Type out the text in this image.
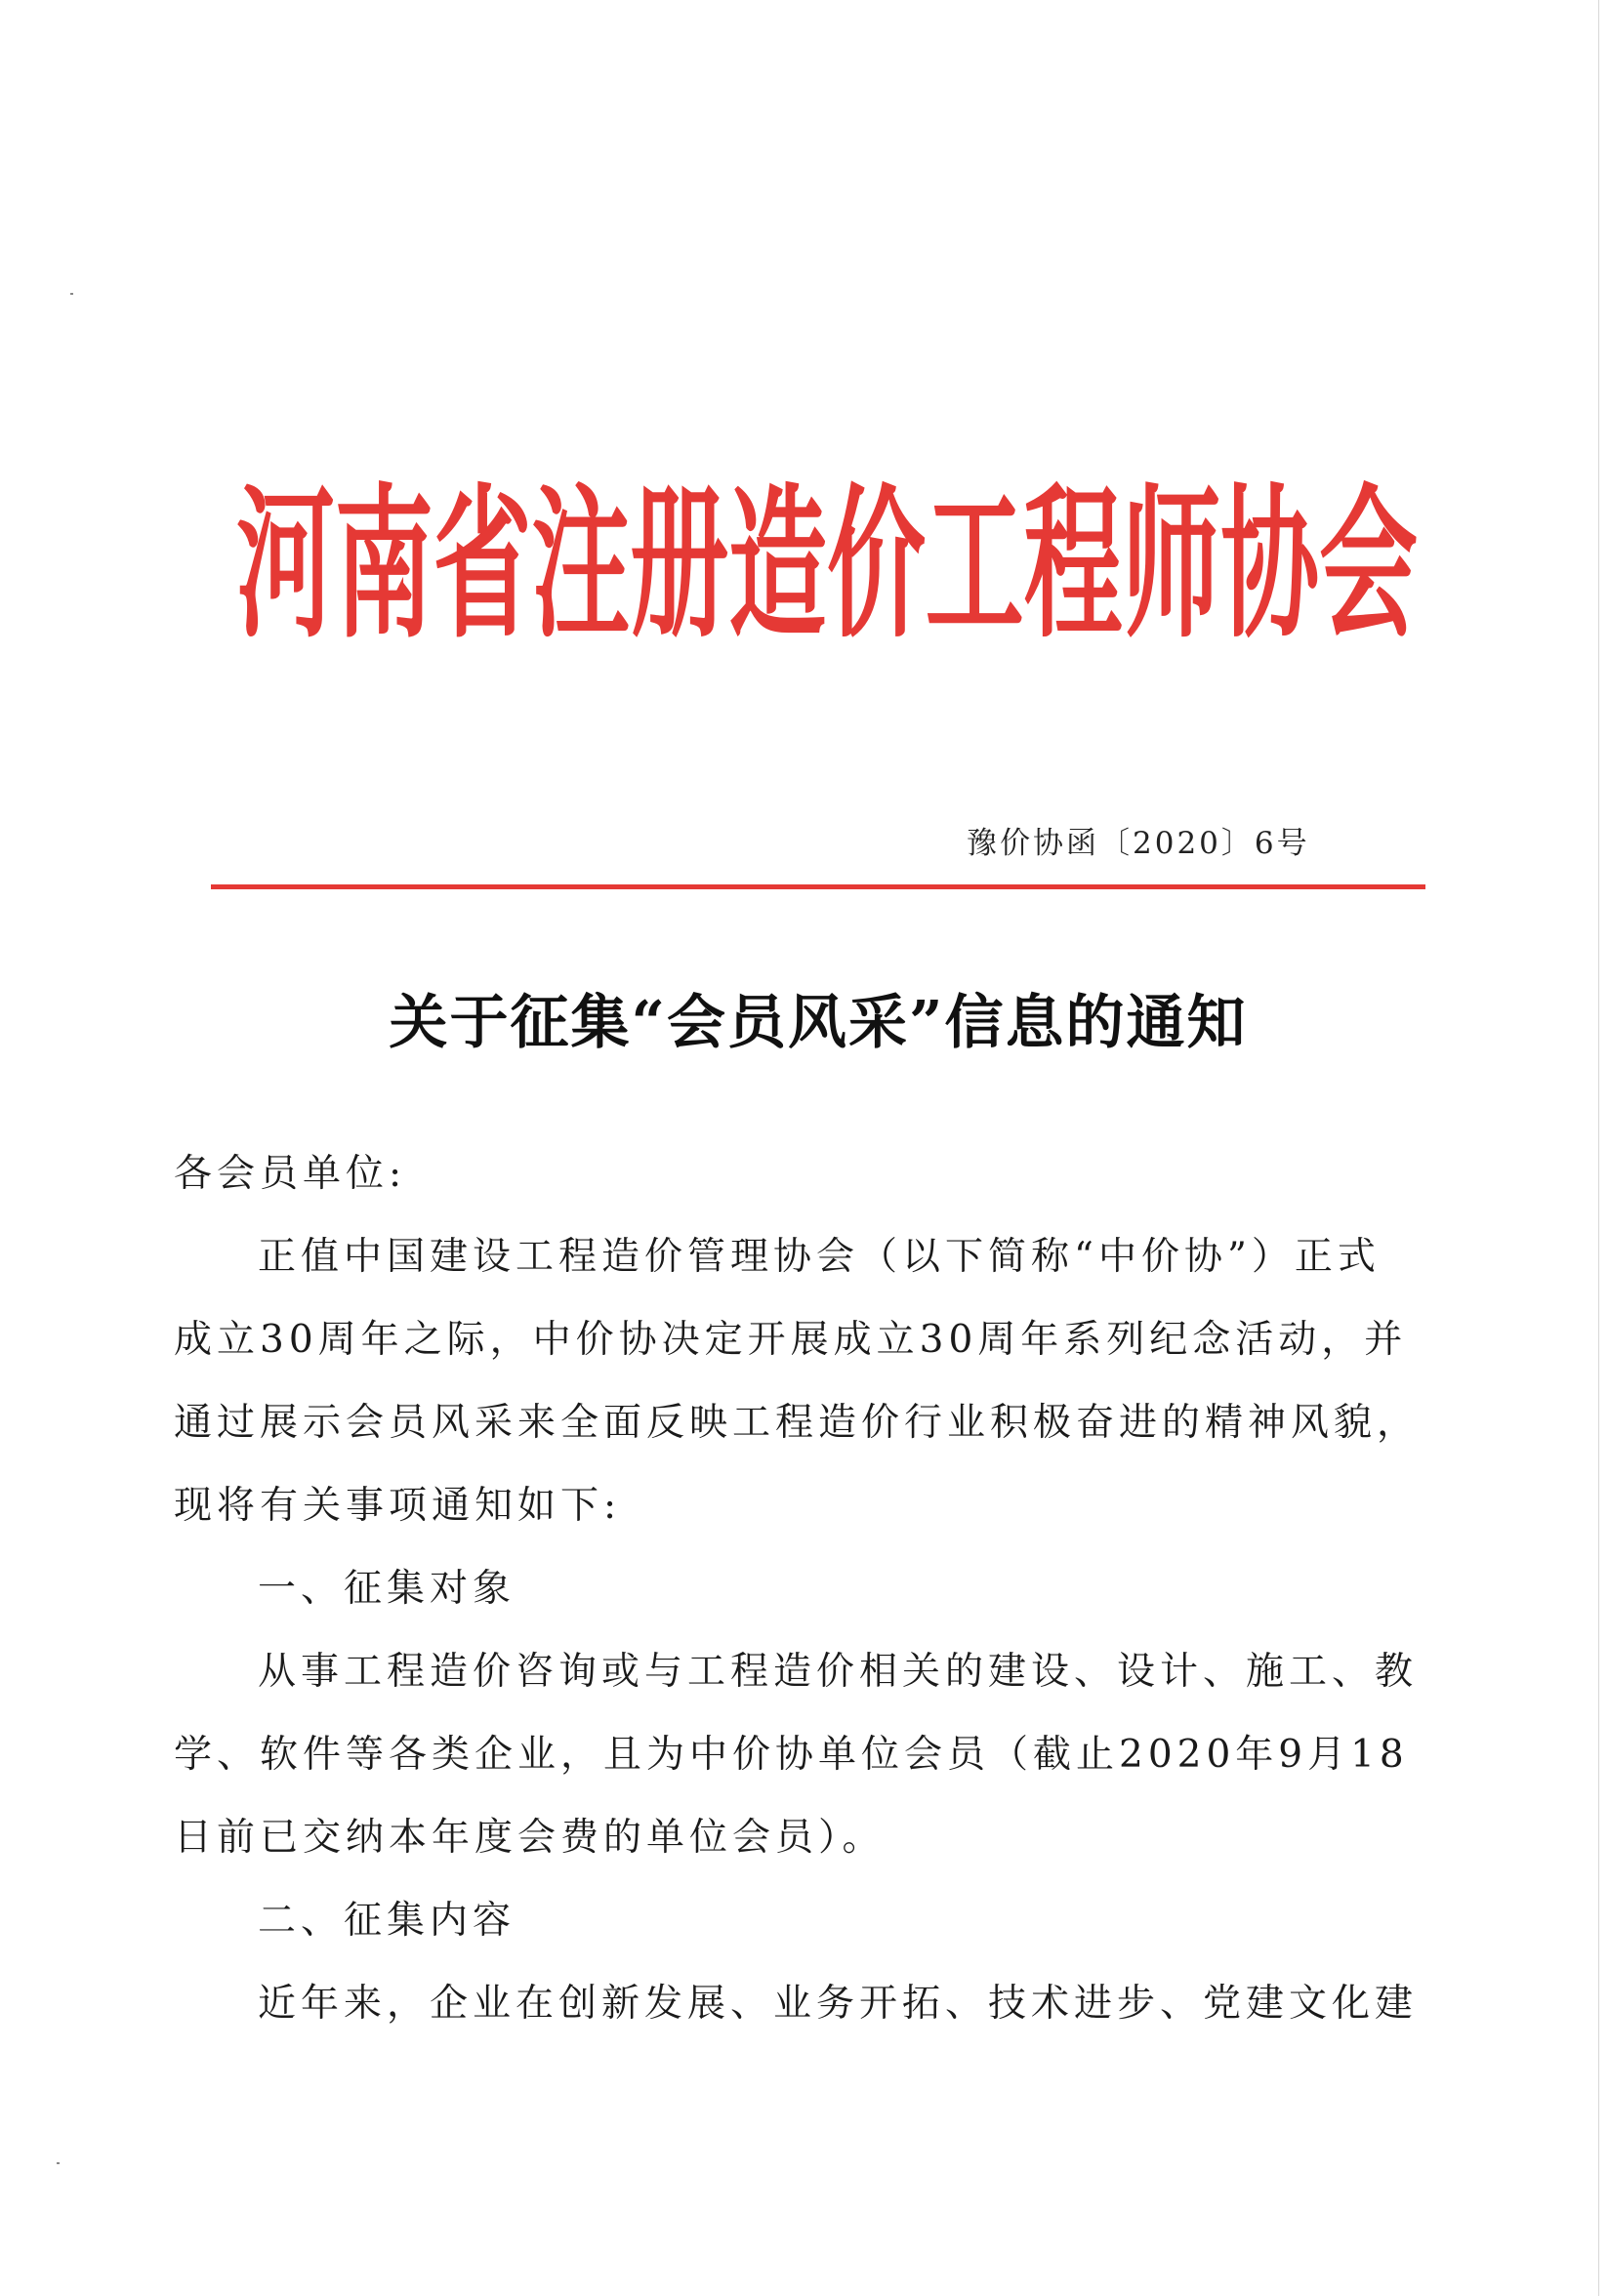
河南省注册造价工程师协会
豫价协函〔2020〕6号
关于征集“会员风采”信息的通知
各会员单位:
正值中国建设工程造价管理协会（以下简称“中价协”）正式
成立30周年之际，中价协决定开展成立30周年系列纪念活动，并
通过展示会员风采来全面反映工程造价行业积极奋进的精神风貌，
现将有关事项通知如下:
一、征集对象
从事工程造价咨询或与工程造价相关的建设、设计、施工、教
学、软件等各类企业，且为中价协单位会员（截止2020年9月18
日前已交纳本年度会费的单位会员）。
二、征集内容
近年来，企业在创新发展、业务开拓、技术进步、党建文化建
